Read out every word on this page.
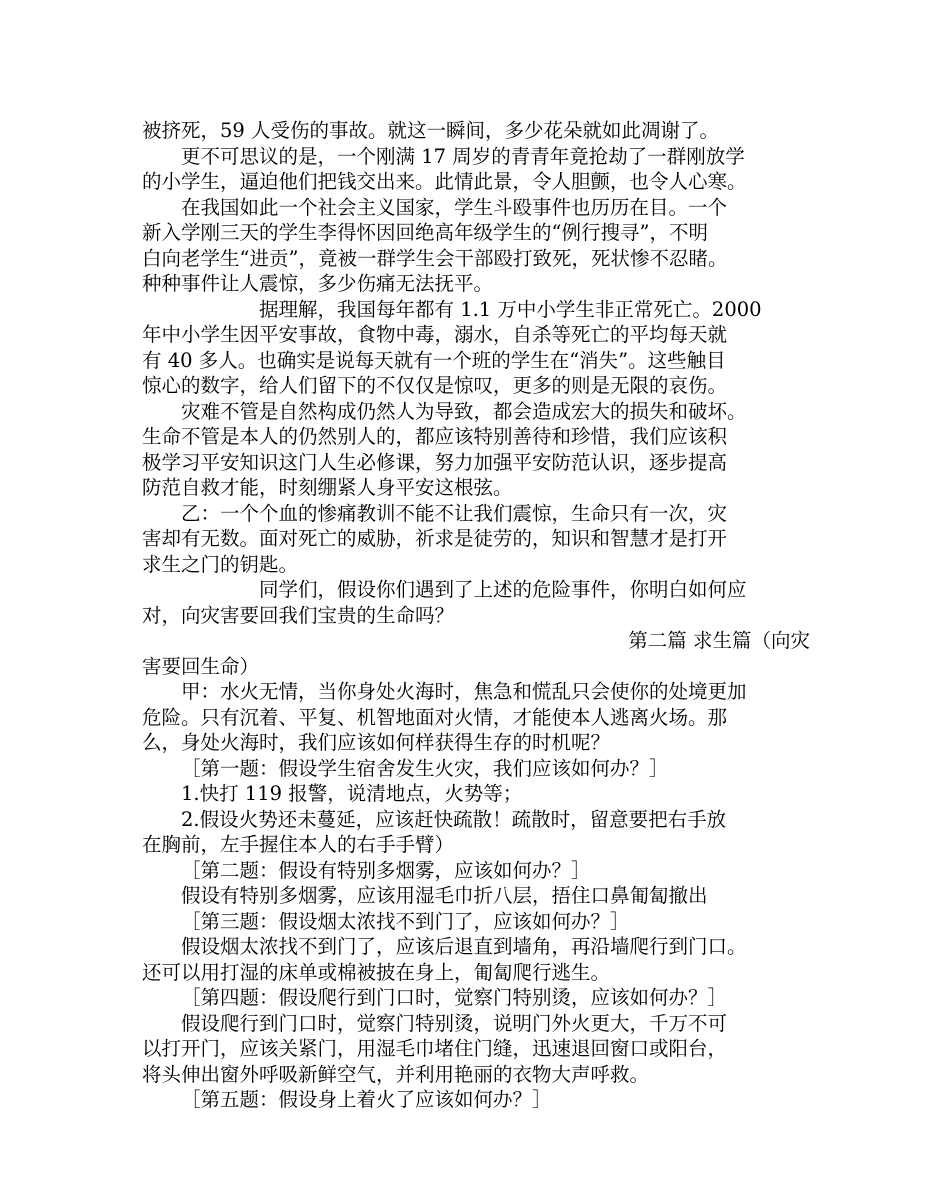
被挤死，59 人受伤的事故。就这一瞬间，多少花朵就如此凋谢了。
更不可思议的是，一个刚满 17 周岁的青青年竟抢劫了一群刚放学
的小学生，逼迫他们把钱交出来。此情此景，令人胆颤，也令人心寒。
在我国如此一个社会主义国家，学生斗殴事件也历历在目。一个
新入学刚三天的学生李得怀因回绝高年级学生的“例行搜寻”，不明
白向老学生“进贡”，竟被一群学生会干部殴打致死，死状惨不忍睹。
种种事件让人震惊，多少伤痛无法抚平。
据理解，我国每年都有 1.1 万中小学生非正常死亡。2000
年中小学生因平安事故，食物中毒，溺水，自杀等死亡的平均每天就
有 40 多人。也确实是说每天就有一个班的学生在“消失”。这些触目
惊心的数字，给人们留下的不仅仅是惊叹，更多的则是无限的哀伤。
灾难不管是自然构成仍然人为导致，都会造成宏大的损失和破坏。
生命不管是本人的仍然别人的，都应该特别善待和珍惜，我们应该积
极学习平安知识这门人生必修课，努力加强平安防范认识，逐步提高
防范自救才能，时刻绷紧人身平安这根弦。
乙：一个个血的惨痛教训不能不让我们震惊，生命只有一次，灾
害却有无数。面对死亡的威胁，祈求是徒劳的，知识和智慧才是打开
求生之门的钥匙。
同学们，假设你们遇到了上述的危险事件，你明白如何应
对，向灾害要回我们宝贵的生命吗？
第二篇 求生篇（向灾
害要回生命）
甲：水火无情，当你身处火海时，焦急和慌乱只会使你的处境更加
危险。只有沉着、平复、机智地面对火情，才能使本人逃离火场。那
么，身处火海时，我们应该如何样获得生存的时机呢？
［第一题：假设学生宿舍发生火灾，我们应该如何办？］
1.快打 119 报警，说清地点，火势等；
2.假设火势还未蔓延，应该赶快疏散！疏散时，留意要把右手放
在胸前，左手握住本人的右手手臂）
［第二题：假设有特别多烟雾，应该如何办？］
假设有特别多烟雾，应该用湿毛巾折八层，捂住口鼻匍匐撤出
［第三题：假设烟太浓找不到门了，应该如何办？］
假设烟太浓找不到门了，应该后退直到墙角，再沿墙爬行到门口。
还可以用打湿的床单或棉被披在身上，匍匐爬行逃生。
［第四题：假设爬行到门口时，觉察门特别烫，应该如何办？］
假设爬行到门口时，觉察门特别烫，说明门外火更大，千万不可
以打开门，应该关紧门，用湿毛巾堵住门缝，迅速退回窗口或阳台，
将头伸出窗外呼吸新鲜空气，并利用艳丽的衣物大声呼救。
［第五题：假设身上着火了应该如何办？］
